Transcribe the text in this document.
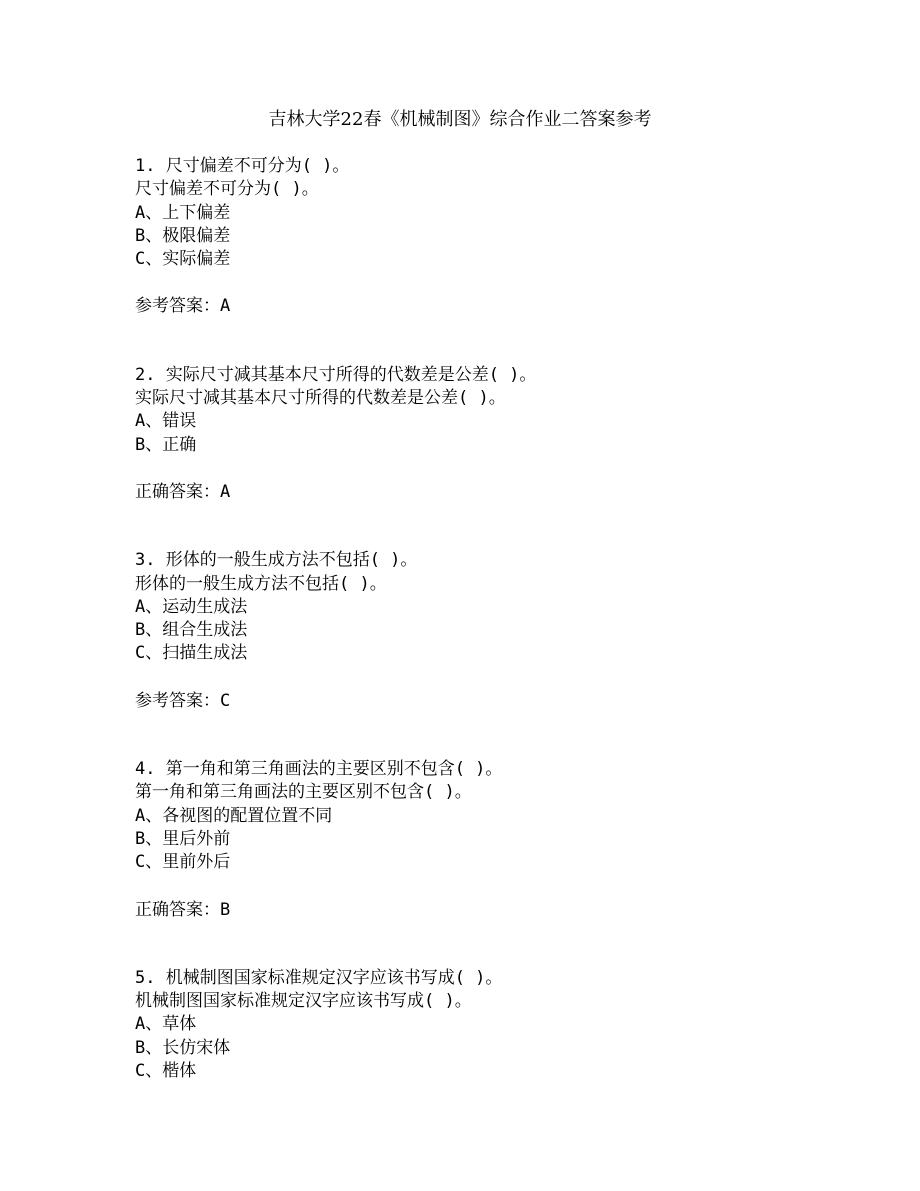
吉林大学22春《机械制图》综合作业二答案参考
1. 尺寸偏差不可分为( )。
尺寸偏差不可分为( )。
A、上下偏差
B、极限偏差
C、实际偏差
参考答案：A
2. 实际尺寸减其基本尺寸所得的代数差是公差( )。
实际尺寸减其基本尺寸所得的代数差是公差( )。
A、错误
B、正确
正确答案：A
3. 形体的一般生成方法不包括( )。
形体的一般生成方法不包括( )。
A、运动生成法
B、组合生成法
C、扫描生成法
参考答案：C
4. 第一角和第三角画法的主要区别不包含( )。
第一角和第三角画法的主要区别不包含( )。
A、各视图的配置位置不同
B、里后外前
C、里前外后
正确答案：B
5. 机械制图国家标准规定汉字应该书写成( )。
机械制图国家标准规定汉字应该书写成( )。
A、草体
B、长仿宋体
C、楷体
